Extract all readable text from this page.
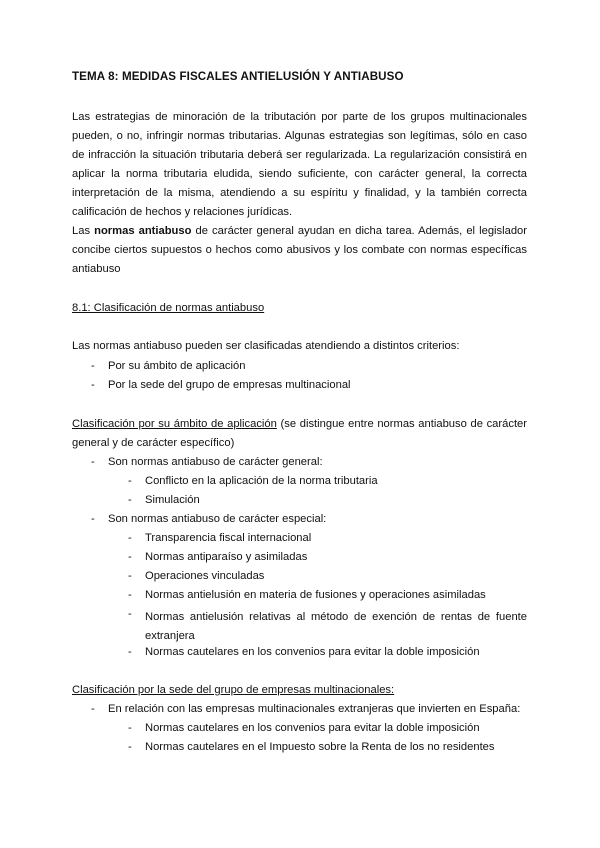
TEMA 8: MEDIDAS FISCALES ANTIELUSIÓN Y ANTIABUSO

Las estrategias de minoración de la tributación por parte de los grupos multinacionales pueden, o no, infringir normas tributarias. Algunas estrategias son legítimas, sólo en caso de infracción la situación tributaria deberá ser regularizada. La regularización consistirá en aplicar la norma tributaria eludida, siendo suficiente, con carácter general, la correcta interpretación de la misma, atendiendo a su espíritu y finalidad, y la también correcta calificación de hechos y relaciones jurídicas.

Las normas antiabuso de carácter general ayudan en dicha tarea. Además, el legislador concibe ciertos supuestos o hechos como abusivos y los combate con normas específicas antiabuso

8.1: Clasificación de normas antiabuso
Las normas antiabuso pueden ser clasificadas atendiendo a distintos criterios:
- Por su ámbito de aplicación
- Por la sede del grupo de empresas multinacional

Clasificación por su ámbito de aplicación (se distingue entre normas antiabuso de carácter general y de carácter específico)

- Son normas antiabuso de carácter general:
- Conflicto en la aplicación de la norma tributaria
- Simulación
- Son normas antiabuso de carácter especial:
- Transparencia fiscal internacional
- Normas antiparaíso y asimiladas
- Operaciones vinculadas
- Normas antielusión en materia de fusiones y operaciones asimiladas
- Normas antielusión relativas al método de exención de rentas de fuente extranjera
- Normas cautelares en los convenios para evitar la doble imposición
Clasificación por la sede del grupo de empresas multinacionales:
- En relación con las empresas multinacionales extranjeras que invierten en España:
- Normas cautelares en los convenios para evitar la doble imposición
- Normas cautelares en el Impuesto sobre la Renta de los no residentes
